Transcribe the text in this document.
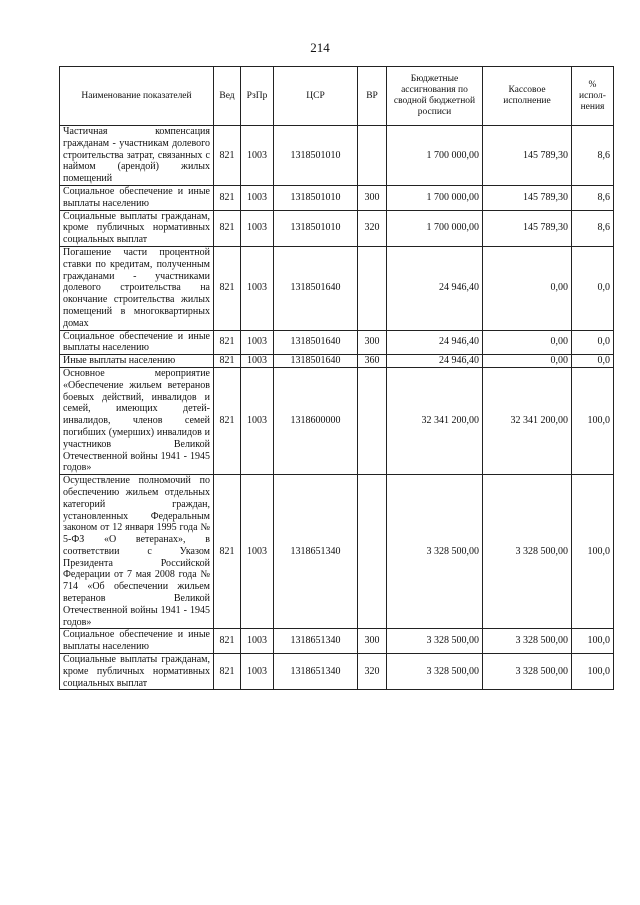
214
Наименование показателей	Вед	РзПр	ЦСР	ВР	Бюджетные ассигнования по сводной бюджетной росписи	Кассовое исполнение	% испол-нения
Частичная компенсация гражданам - участникам долевого строительства затрат, связанных с наймом (арендой) жилых помещений	821	1003	1318501010		1 700 000,00	145 789,30	8,6
Социальное обеспечение и иные выплаты населению	821	1003	1318501010	300	1 700 000,00	145 789,30	8,6
Социальные выплаты гражданам, кроме публичных нормативных социальных выплат	821	1003	1318501010	320	1 700 000,00	145 789,30	8,6
Погашение части процентной ставки по кредитам, полученным гражданами - участниками долевого строительства на окончание строительства жилых помещений в многоквартирных домах	821	1003	1318501640		24 946,40	0,00	0,0
Социальное обеспечение и иные выплаты населению	821	1003	1318501640	300	24 946,40	0,00	0,0
Иные выплаты населению	821	1003	1318501640	360	24 946,40	0,00	0,0
Основное мероприятие «Обеспечение жильем ветеранов боевых действий, инвалидов и семей, имеющих детей-инвалидов, членов семей погибших (умерших) инвалидов и участников Великой Отечественной войны 1941 - 1945 годов»	821	1003	1318600000		32 341 200,00	32 341 200,00	100,0
Осуществление полномочий по обеспечению жильем отдельных категорий граждан, установленных Федеральным законом от 12 января 1995 года № 5-ФЗ «О ветеранах», в соответствии с Указом Президента Российской Федерации от 7 мая 2008 года № 714 «Об обеспечении жильем ветеранов Великой Отечественной войны 1941 - 1945 годов»	821	1003	1318651340		3 328 500,00	3 328 500,00	100,0
Социальное обеспечение и иные выплаты населению	821	1003	1318651340	300	3 328 500,00	3 328 500,00	100,0
Социальные выплаты гражданам, кроме публичных нормативных социальных выплат	821	1003	1318651340	320	3 328 500,00	3 328 500,00	100,0
